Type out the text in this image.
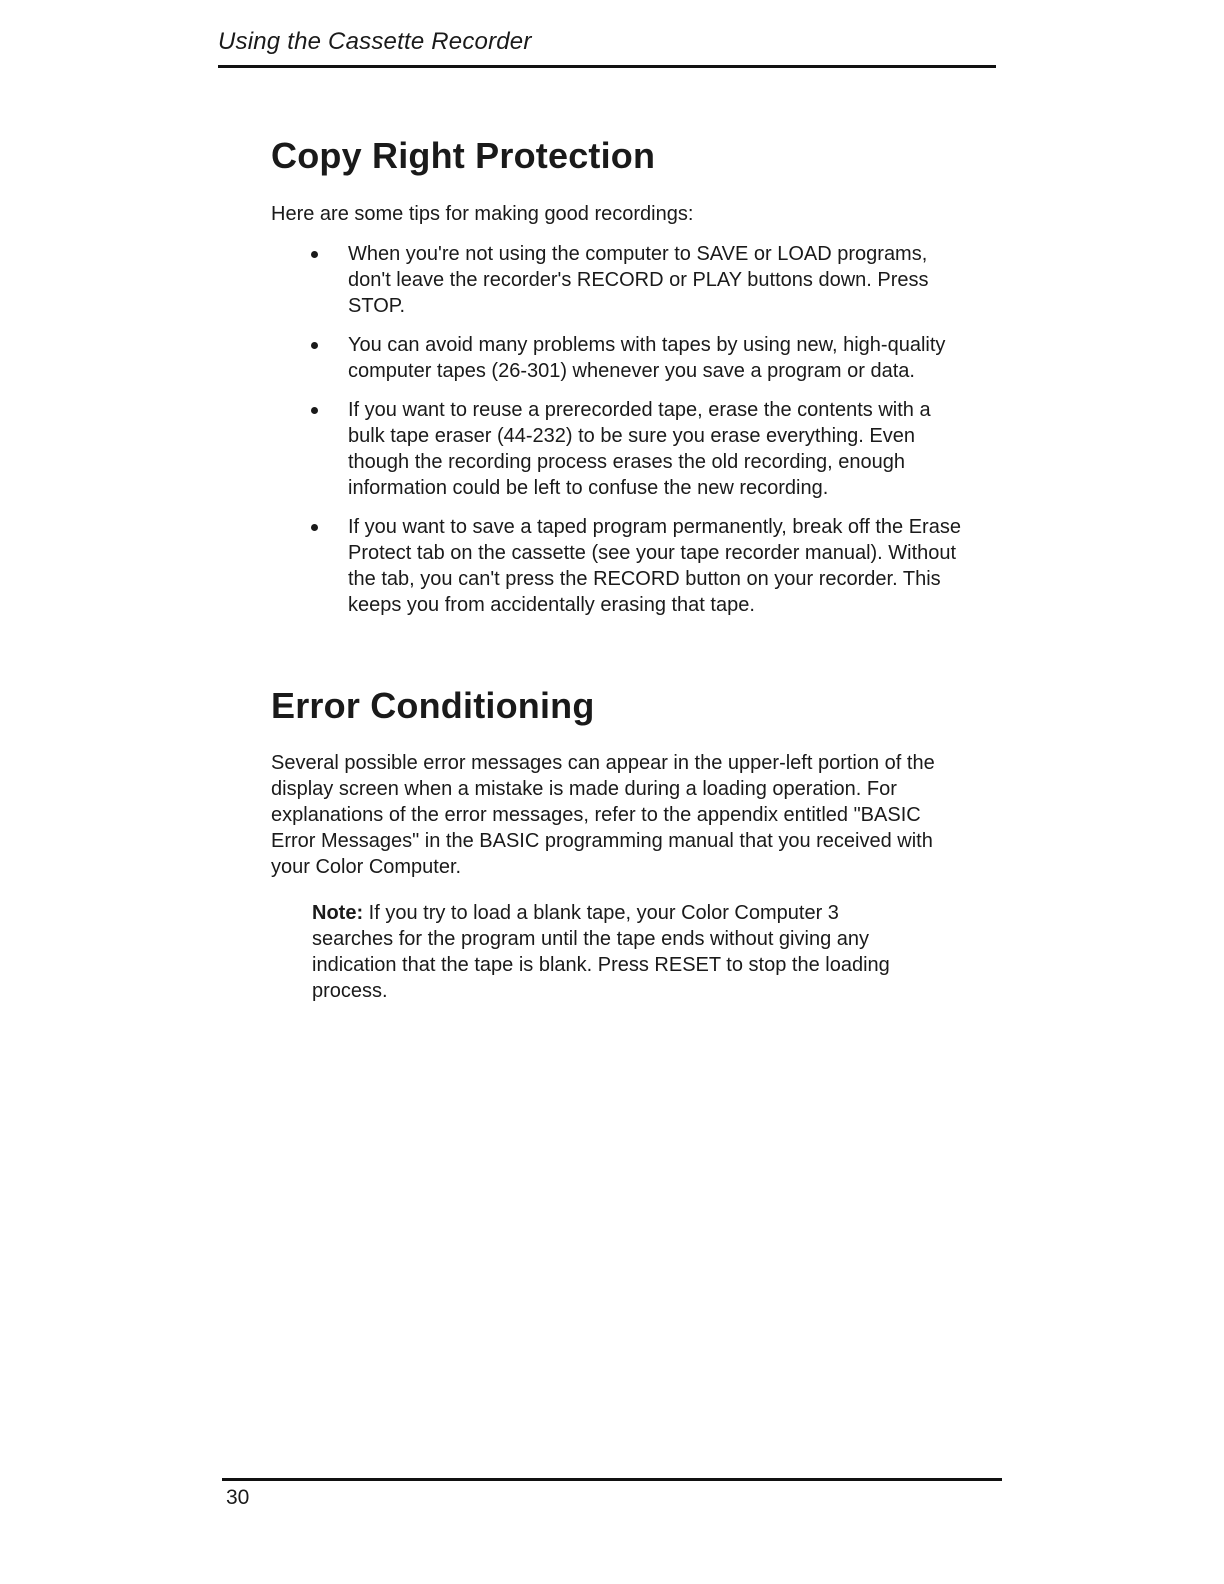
Using the Cassette Recorder
Copy Right Protection

Here are some tips for making good recordings:

When you're not using the computer to SAVE or LOAD programs, don't leave the recorder's RECORD or PLAY buttons down. Press STOP.
You can avoid many problems with tapes by using new, high-quality computer tapes (26-301) whenever you save a program or data.
If you want to reuse a prerecorded tape, erase the contents with a bulk tape eraser (44-232) to be sure you erase everything. Even though the recording process erases the old recording, enough information could be left to confuse the new recording.
If you want to save a taped program permanently, break off the Erase Protect tab on the cassette (see your tape recorder manual). Without the tab, you can't press the RECORD button on your recorder. This keeps you from accidentally erasing that tape.
Error Conditioning

Several possible error messages can appear in the upper-left portion of the display screen when a mistake is made during a loading operation. For explanations of the error messages, refer to the appendix entitled "BASIC Error Messages" in the BASIC programming manual that you received with your Color Computer.

Note: If you try to load a blank tape, your Color Computer 3 searches for the program until the tape ends without giving any indication that the tape is blank. Press RESET to stop the loading process.

30
